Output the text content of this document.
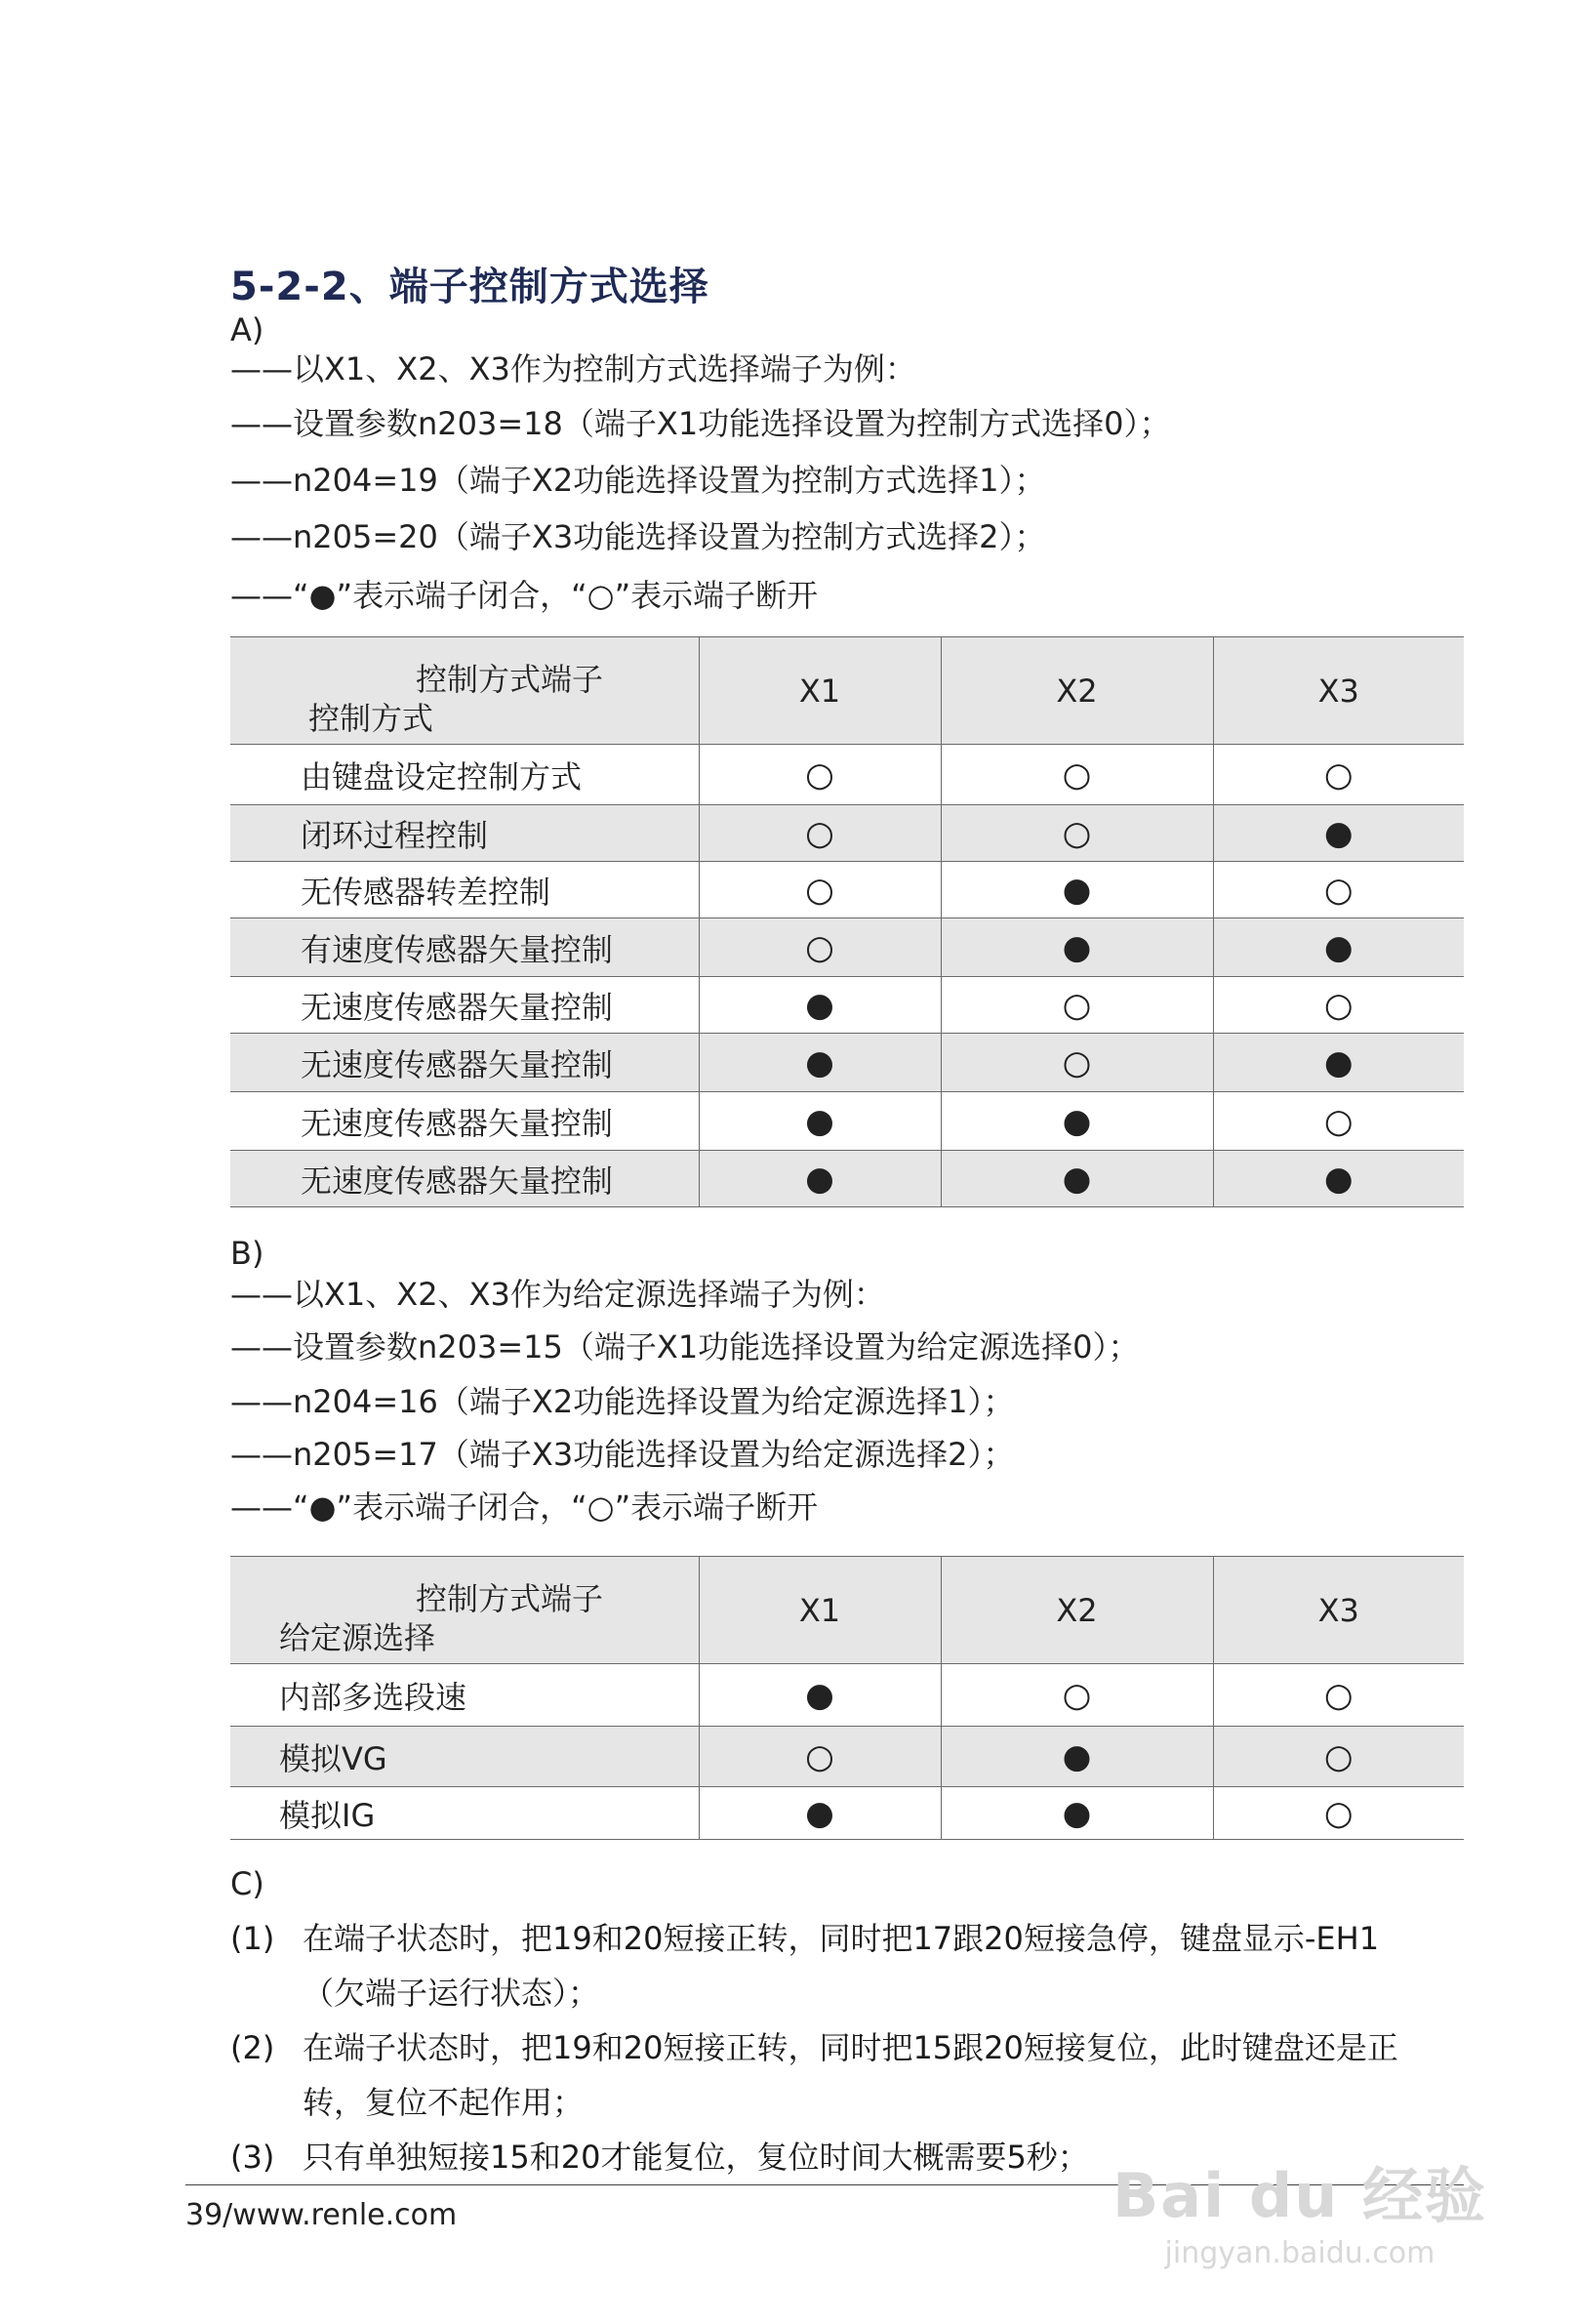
5-2-2、端子控制方式选择
A)
——以X1、X2、X3作为控制方式选择端子为例：
——设置参数n203=18（端子X1功能选择设置为控制方式选择0）；
——n204=19（端子X2功能选择设置为控制方式选择1）；
——n205=20（端子X3功能选择设置为控制方式选择2）；
——“●”表示端子闭合，“○”表示端子断开
控制方式端子
控制方式	X1	X2	X3
由键盘设定控制方式	○	○	○
闭环过程控制	○	○	●
无传感器转差控制	○	●	○
有速度传感器矢量控制	○	●	●
无速度传感器矢量控制	●	○	○
无速度传感器矢量控制	●	○	●
无速度传感器矢量控制	●	●	○
无速度传感器矢量控制	●	●	●
B)
——以X1、X2、X3作为给定源选择端子为例：
——设置参数n203=15（端子X1功能选择设置为给定源选择0）；
——n204=16（端子X2功能选择设置为给定源选择1）；
——n205=17（端子X3功能选择设置为给定源选择2）；
——“●”表示端子闭合，“○”表示端子断开
控制方式端子
给定源选择	X1	X2	X3
内部多选段速	●	○	○
模拟VG	○	●	○
模拟IG	●	●	○
C)
(1) 在端子状态时，把19和20短接正转，同时把17跟20短接急停，键盘显示-EH1
（欠端子运行状态）；
(2) 在端子状态时，把19和20短接正转，同时把15跟20短接复位，此时键盘还是正
转，复位不起作用；
(3) 只有单独短接15和20才能复位，复位时间大概需要5秒；
39/www.renle.com	Bai du 经验
jingyan.baidu.com
